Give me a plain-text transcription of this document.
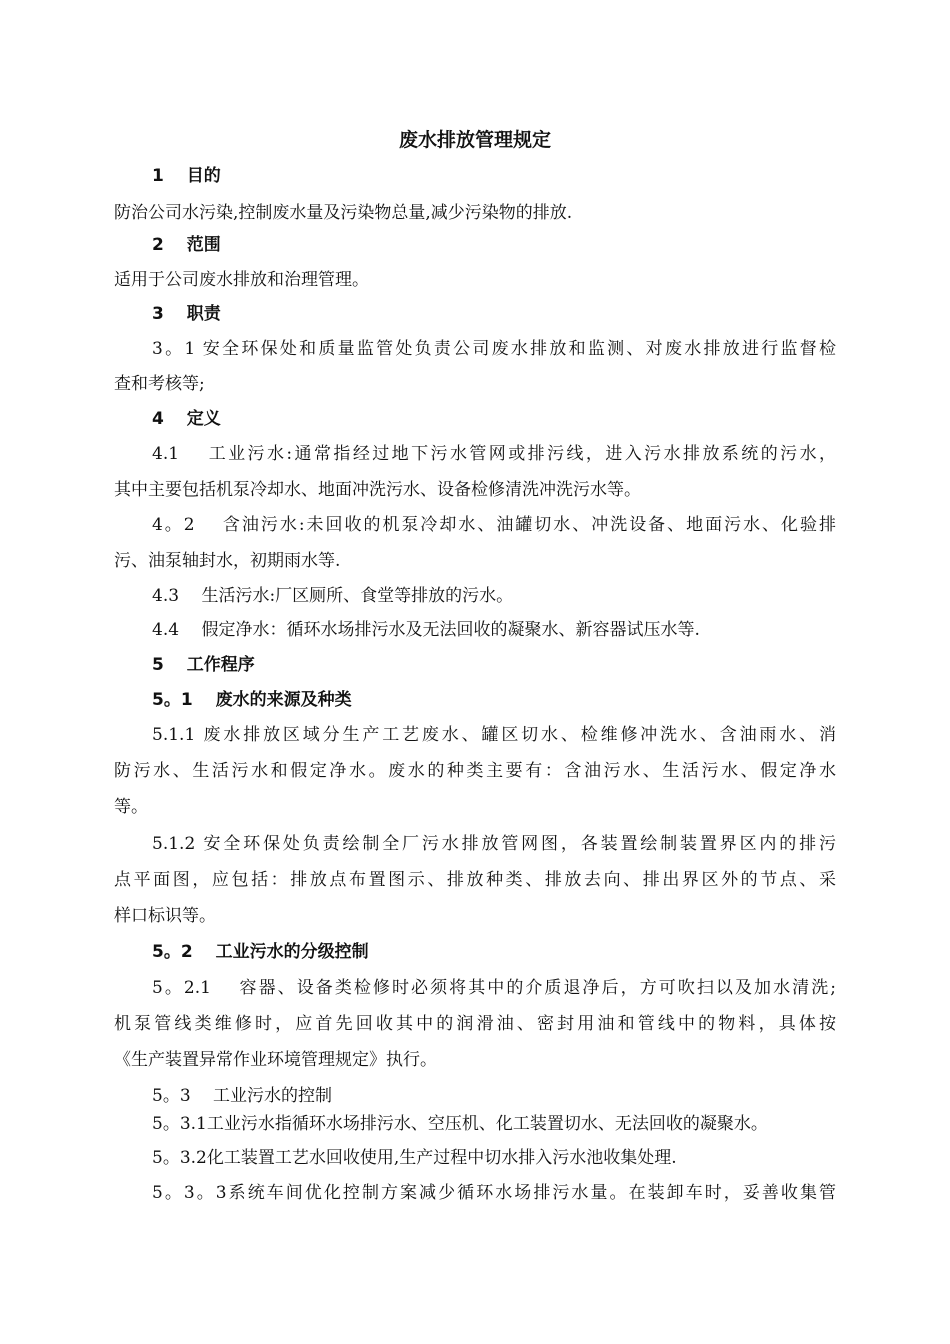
废水排放管理规定
1　 目的
防治公司水污染,控制废水量及污染物总量,减少污染物的排放.
2　 范围
适用于公司废水排放和治理管理。
3　 职责
3。1 安全环保处和质量监管处负责公司废水排放和监测、对废水排放进行监督检
查和考核等;
4　 定义
4.1　 工业污水:通常指经过地下污水管网或排污线，进入污水排放系统的污水，
其中主要包括机泵冷却水、地面冲洗污水、设备检修清洗冲洗污水等。
4。2　 含油污水:未回收的机泵冷却水、油罐切水、冲洗设备、地面污水、化验排
污、油泵轴封水，初期雨水等.
4.3　 生活污水:厂区厕所、食堂等排放的污水。
4.4　 假定净水：循环水场排污水及无法回收的凝聚水、新容器试压水等.
5　 工作程序
5。1　 废水的来源及种类
5.1.1 废水排放区域分生产工艺废水、罐区切水、检维修冲洗水、含油雨水、消
防污水、生活污水和假定净水。废水的种类主要有：含油污水、生活污水、假定净水
等。
5.1.2 安全环保处负责绘制全厂污水排放管网图，各装置绘制装置界区内的排污
点平面图，应包括：排放点布置图示、排放种类、排放去向、排出界区外的节点、采
样口标识等。
5。2　 工业污水的分级控制
5。2.1　 容器、设备类检修时必须将其中的介质退净后，方可吹扫以及加水清洗;
机泵管线类维修时，应首先回收其中的润滑油、密封用油和管线中的物料，具体按
《生产装置异常作业环境管理规定》执行。
5。3　 工业污水的控制
5。3.1工业污水指循环水场排污水、空压机、化工装置切水、无法回收的凝聚水。
5。3.2化工装置工艺水回收使用,生产过程中切水排入污水池收集处理.
5。3。3系统车间优化控制方案减少循环水场排污水量。在装卸车时，妥善收集管
